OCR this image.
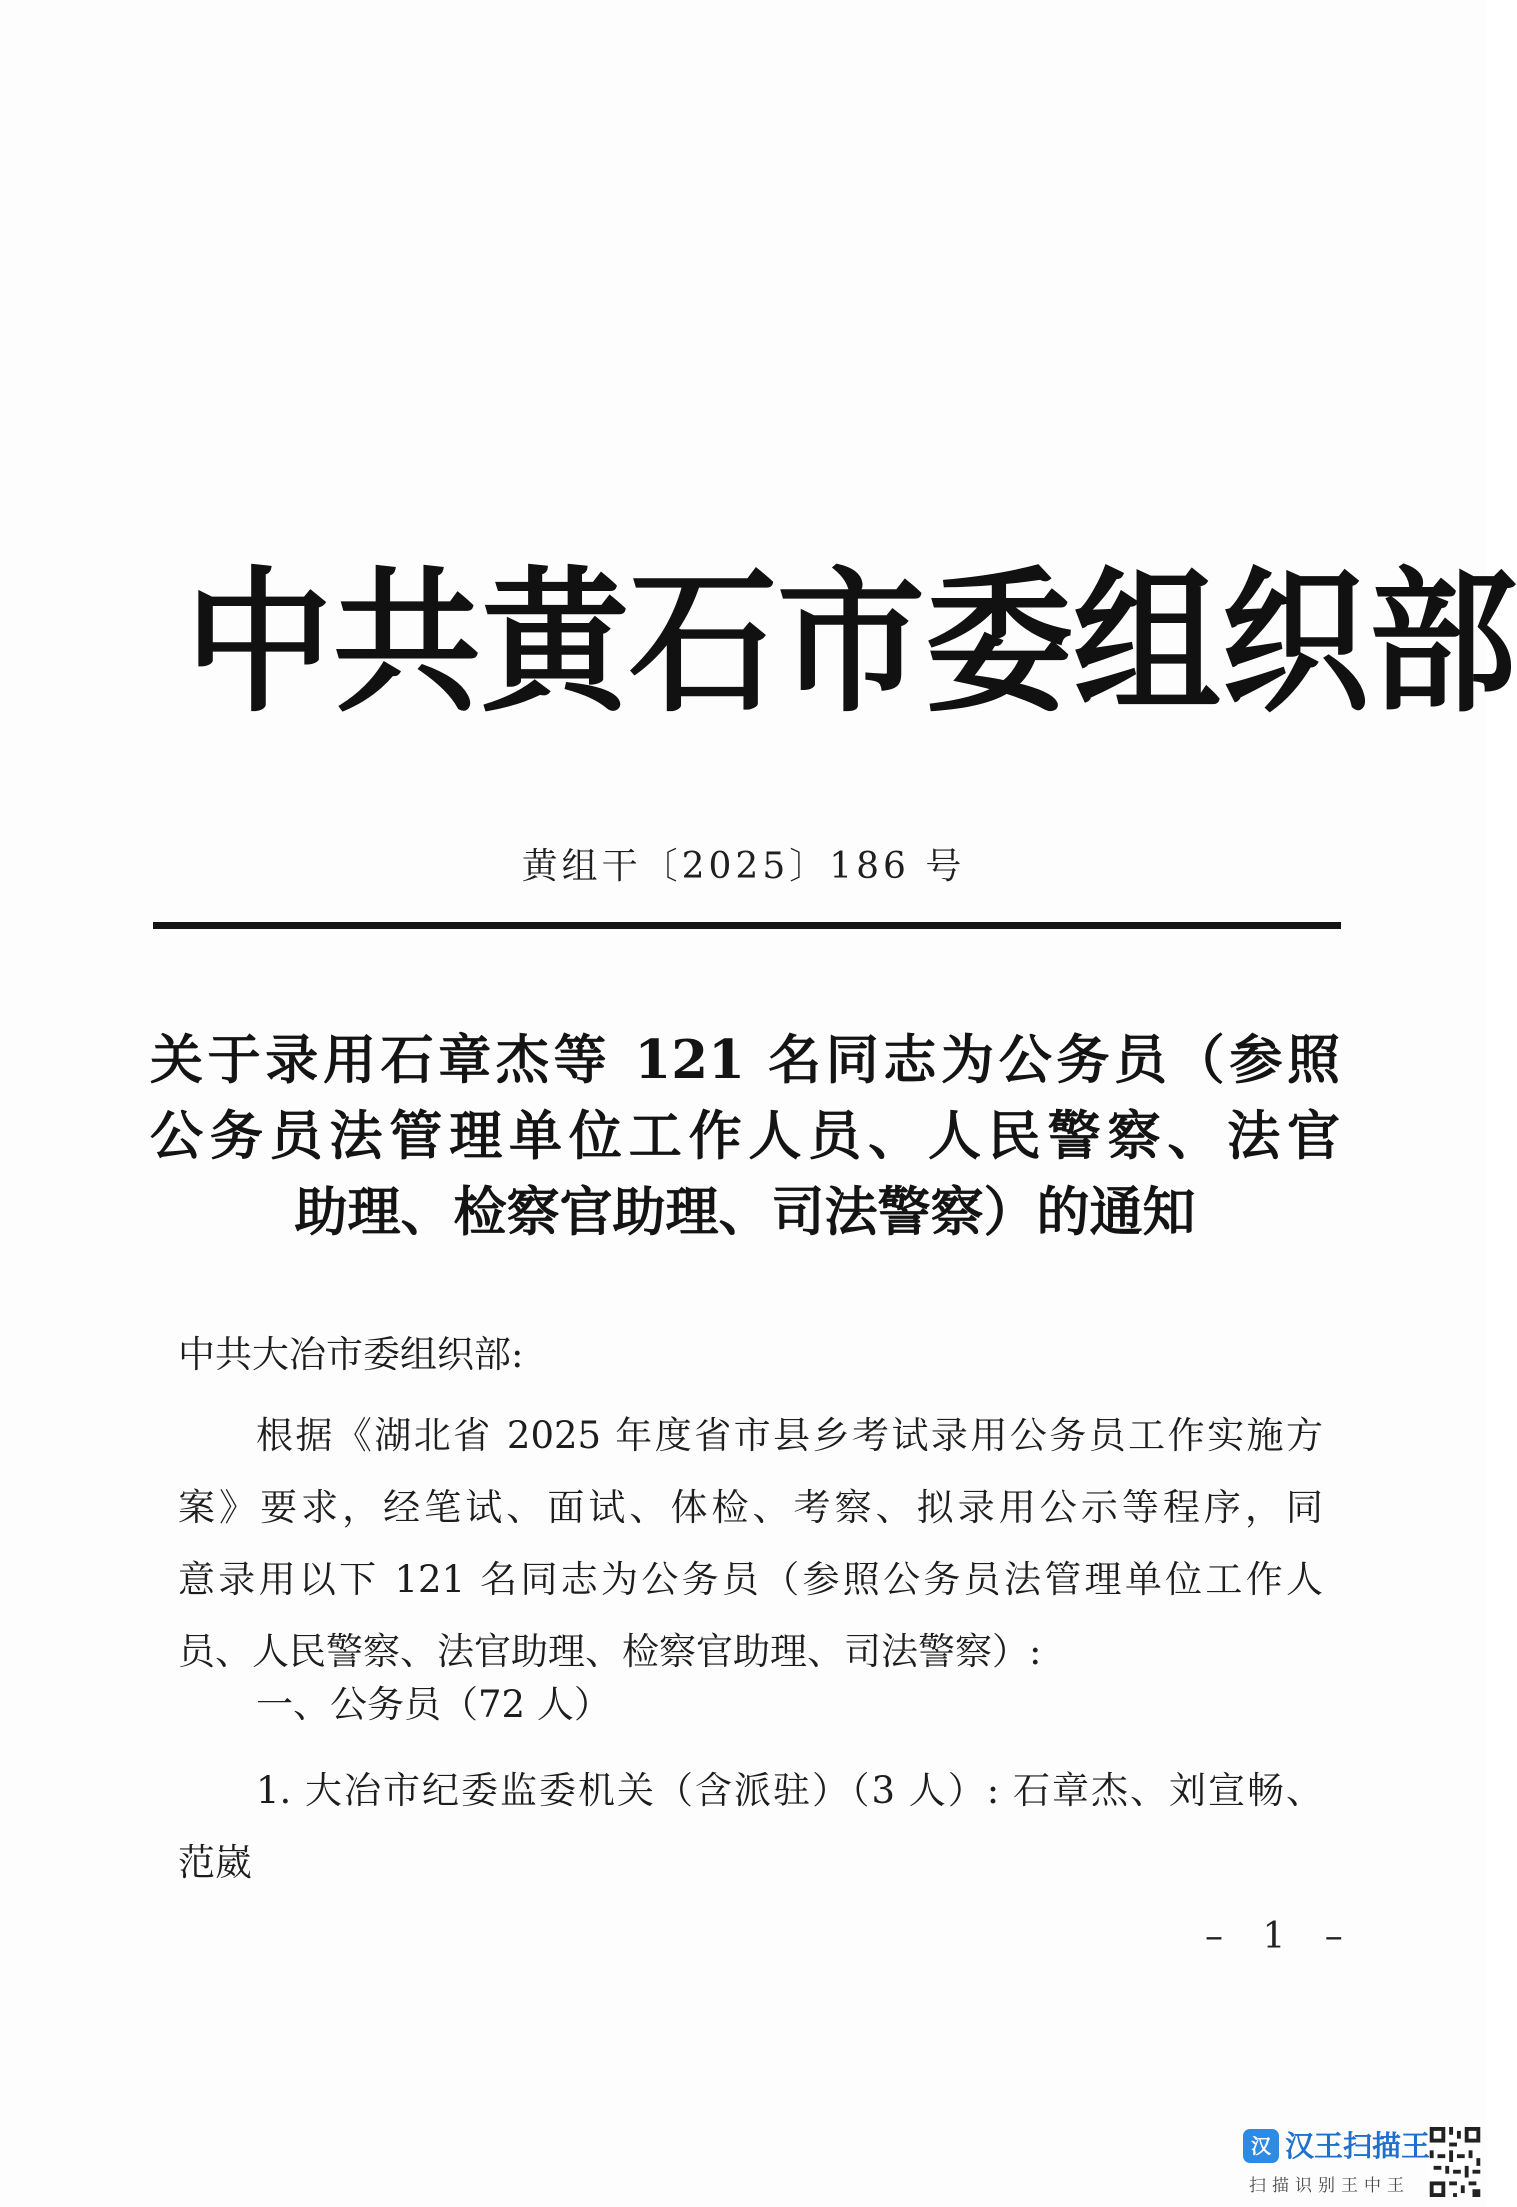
中 共 黄 石 市 委 组 织 部
黄组干〔2025〕186 号
关于录用石章杰等 121 名同志为公务员（参照
公务员法管理单位工作人员、人民警察、法官
助理、检察官助理、司法警察）的通知
中共大冶市委组织部:
根据《湖北省 2025 年度省市县乡考试录用公务员工作实施方
案》要求，经笔试、面试、体检、考察、拟录用公示等程序，同
意录用以下 121 名同志为公务员（参照公务员法管理单位工作人
员、人民警察、法官助理、检察官助理、司法警察）:
一、公务员（72 人）
1. 大冶市纪委监委机关（含派驻）（3 人）: 石章杰、刘宣畅、
范崴
– 1 –
汉 汉王扫描王
扫描识别王中王
